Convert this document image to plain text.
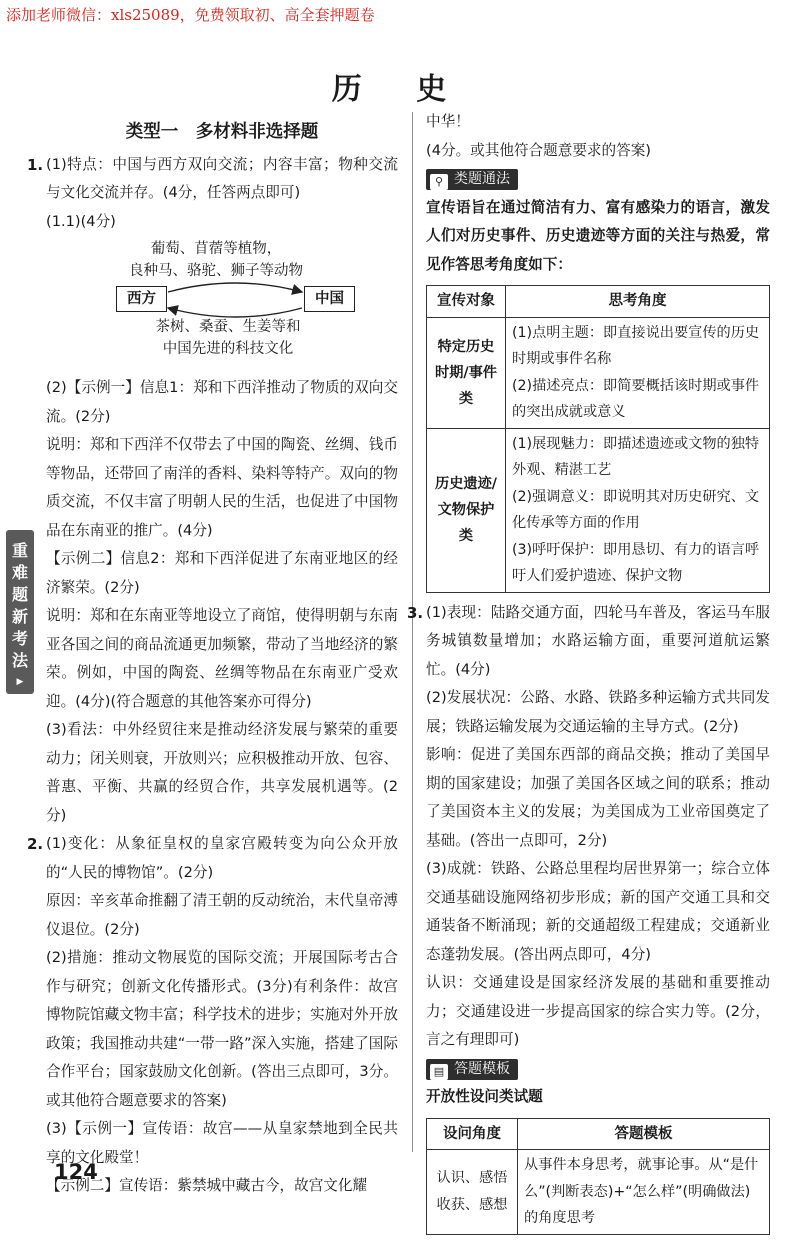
添加老师微信：xls25089，免费领取初、高全套押题卷
历 史
重难题新考法
▶
类型一　多材料非选择题
1. (1)特点：中国与西方双向交流；内容丰富；物种交流与文化交流并存。(4分，任答两点即可)

(1.1)(4分)

葡萄、苜蓿等植物，
良种马、骆驼、狮子等动物
西方	中国
茶树、桑蚕、生姜等和
中国先进的科技文化

(2)【示例一】信息1：郑和下西洋推动了物质的双向交流。(2分)

说明：郑和下西洋不仅带去了中国的陶瓷、丝绸、钱币等物品，还带回了南洋的香料、染料等特产。双向的物质交流，不仅丰富了明朝人民的生活，也促进了中国物品在东南亚的推广。(4分)

【示例二】信息2：郑和下西洋促进了东南亚地区的经济繁荣。(2分)

说明：郑和在东南亚等地设立了商馆，使得明朝与东南亚各国之间的商品流通更加频繁，带动了当地经济的繁荣。例如，中国的陶瓷、丝绸等物品在东南亚广受欢迎。(4分)(符合题意的其他答案亦可得分)

(3)看法：中外经贸往来是推动经济发展与繁荣的重要动力；闭关则衰，开放则兴；应积极推动开放、包容、普惠、平衡、共赢的经贸合作，共享发展机遇等。(2分)

2. (1)变化：从象征皇权的皇家宫殿转变为向公众开放的“人民的博物馆”。(2分)

原因：辛亥革命推翻了清王朝的反动统治，末代皇帝溥仪退位。(2分)

(2)措施：推动文物展览的国际交流；开展国际考古合作与研究；创新文化传播形式。(3分)有利条件：故宫博物院馆藏文物丰富；科学技术的进步；实施对外开放政策；我国推动共建“一带一路”深入实施，搭建了国际合作平台；国家鼓励文化创新。(答出三点即可，3分。或其他符合题意要求的答案)

(3)【示例一】宣传语：故宫——从皇家禁地到全民共享的文化殿堂！

【示例二】宣传语：紫禁城中藏古今，故宫文化耀

中华！

(4分。或其他符合题意要求的答案)

⚲ 类题通法

宣传语旨在通过简洁有力、富有感染力的语言，激发人们对历史事件、历史遗迹等方面的关注与热爱，常见作答思考角度如下：

宣传对象	思考角度
特定历史时期/事件类	(1)点明主题：即直接说出要宣传的历史时期或事件名称
(2)描述亮点：即简要概括该时期或事件的突出成就或意义
历史遗迹/文物保护类	(1)展现魅力：即描述遗迹或文物的独特外观、精湛工艺
(2)强调意义：即说明其对历史研究、文化传承等方面的作用
(3)呼吁保护：即用恳切、有力的语言呼吁人们爱护遗迹、保护文物
3. (1)表现：陆路交通方面，四轮马车普及，客运马车服务城镇数量增加；水路运输方面，重要河道航运繁忙。(4分)

(2)发展状况：公路、水路、铁路多种运输方式共同发展；铁路运输发展为交通运输的主导方式。(2分)

影响：促进了美国东西部的商品交换；推动了美国早期的国家建设；加强了美国各区域之间的联系；推动了美国资本主义的发展；为美国成为工业帝国奠定了基础。(答出一点即可，2分)

(3)成就：铁路、公路总里程均居世界第一；综合立体交通基础设施网络初步形成；新的国产交通工具和交通装备不断涌现；新的交通超级工程建成；交通新业态蓬勃发展。(答出两点即可，4分)

认识：交通建设是国家经济发展的基础和重要推动力；交通建设进一步提高国家的综合实力等。(2分，言之有理即可)

▤ 答题模板

开放性设问类试题

设问角度	答题模板
认识、感悟收获、感想	从事件本身思考，就事论事。从“是什么”(判断表态)+“怎么样”(明确做法)的角度思考
124
